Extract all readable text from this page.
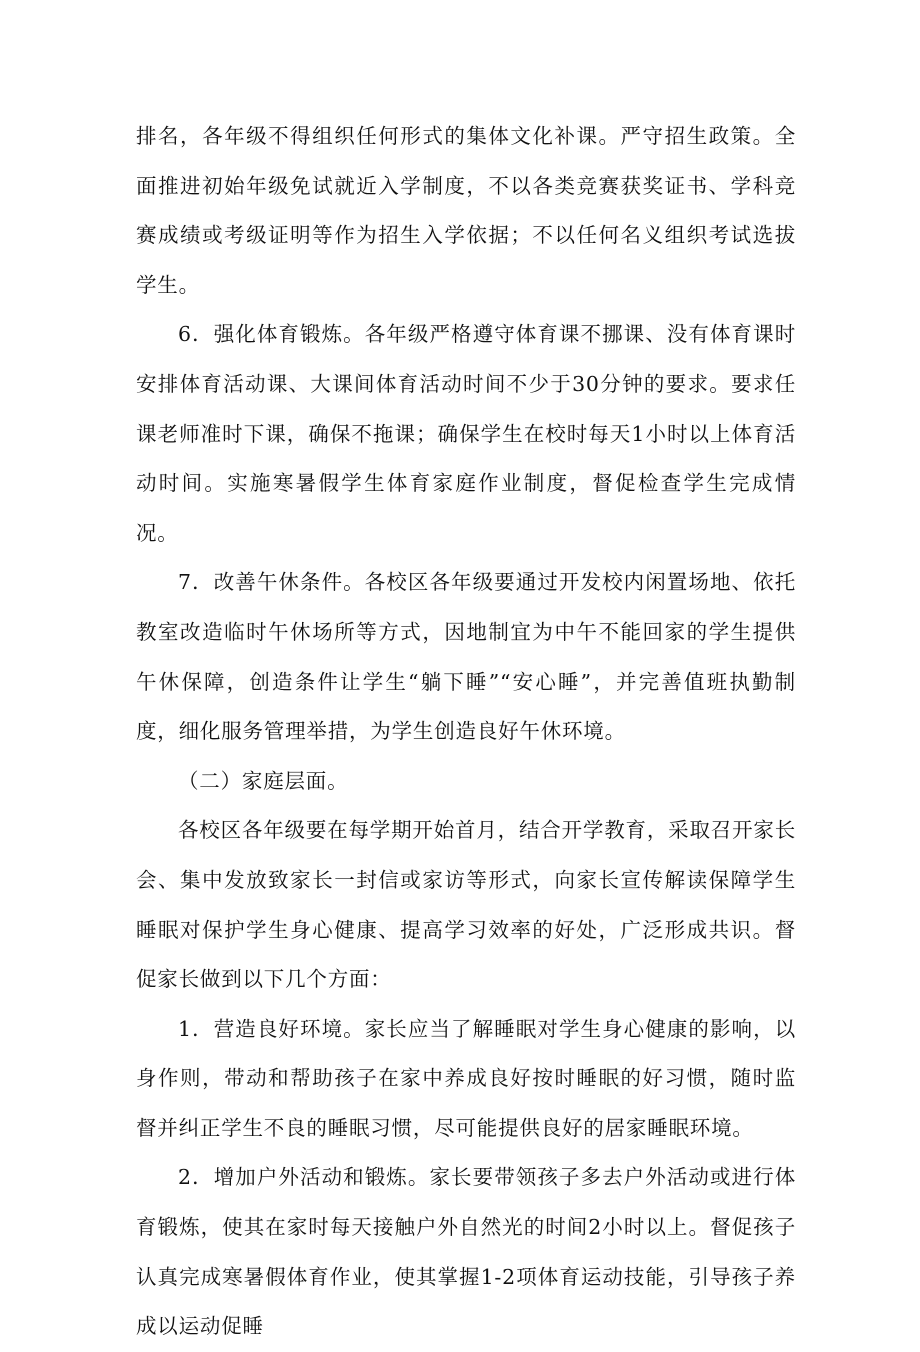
排名，各年级不得组织任何形式的集体文化补课。严守招生政策。全面推进初始年级免试就近入学制度，不以各类竞赛获奖证书、学科竞赛成绩或考级证明等作为招生入学依据；不以任何名义组织考试选拔学生。

6．强化体育锻炼。各年级严格遵守体育课不挪课、没有体育课时安排体育活动课、大课间体育活动时间不少于30分钟的要求。要求任课老师准时下课，确保不拖课；确保学生在校时每天1小时以上体育活动时间。实施寒暑假学生体育家庭作业制度，督促检查学生完成情况。

7．改善午休条件。各校区各年级要通过开发校内闲置场地、依托教室改造临时午休场所等方式，因地制宜为中午不能回家的学生提供午休保障，创造条件让学生“躺下睡”“安心睡”，并完善值班执勤制度，细化服务管理举措，为学生创造良好午休环境。

（二）家庭层面。

各校区各年级要在每学期开始首月，结合开学教育，采取召开家长会、集中发放致家长一封信或家访等形式，向家长宣传解读保障学生睡眠对保护学生身心健康、提高学习效率的好处，广泛形成共识。督促家长做到以下几个方面：

1．营造良好环境。家长应当了解睡眠对学生身心健康的影响，以身作则，带动和帮助孩子在家中养成良好按时睡眠的好习惯，随时监督并纠正学生不良的睡眠习惯，尽可能提供良好的居家睡眠环境。

2．增加户外活动和锻炼。家长要带领孩子多去户外活动或进行体育锻炼，使其在家时每天接触户外自然光的时间2小时以上。督促孩子认真完成寒暑假体育作业，使其掌握1-2项体育运动技能，引导孩子养成以运动促睡
